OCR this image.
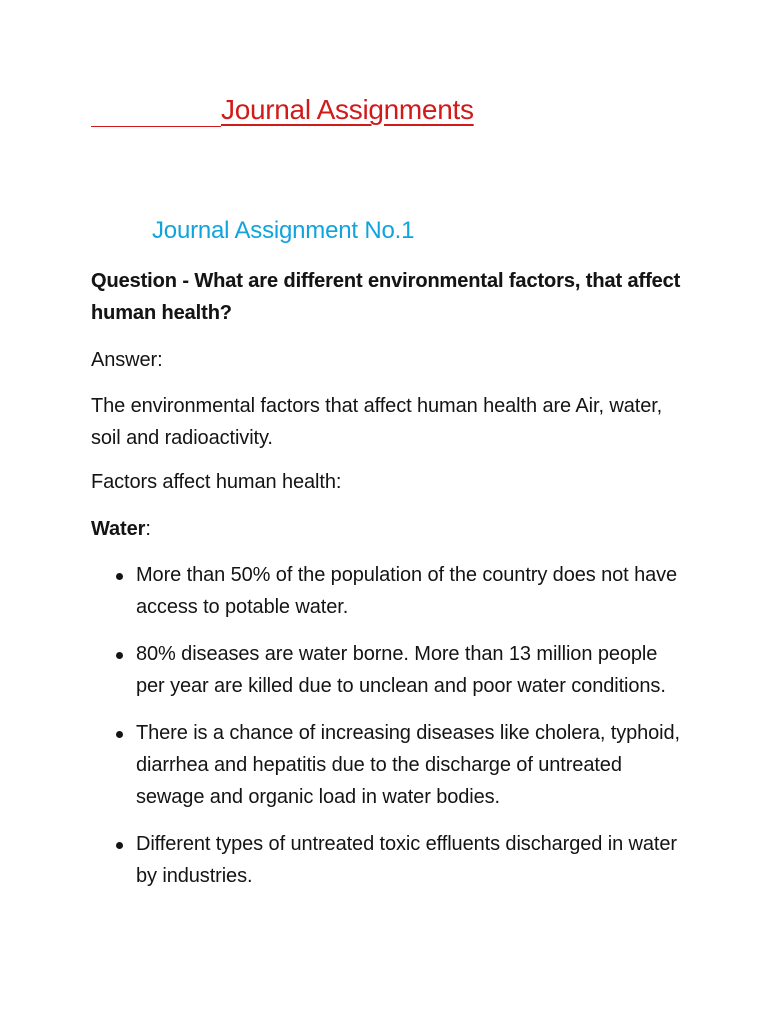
Journal Assignments
Journal Assignment No.1
Question - What are different environmental factors, that affect human health?
Answer:
The environmental factors that affect human health are Air, water, soil and radioactivity.
Factors affect human health:
Water:
More than 50% of the population of the country does not have access to potable water.
80% diseases are water borne. More than 13 million people per year are killed due to unclean and poor water conditions.
There is a chance of increasing diseases like cholera, typhoid, diarrhea and hepatitis due to the discharge of untreated sewage and organic load in water bodies.
Different types of untreated toxic effluents discharged in water by industries.
